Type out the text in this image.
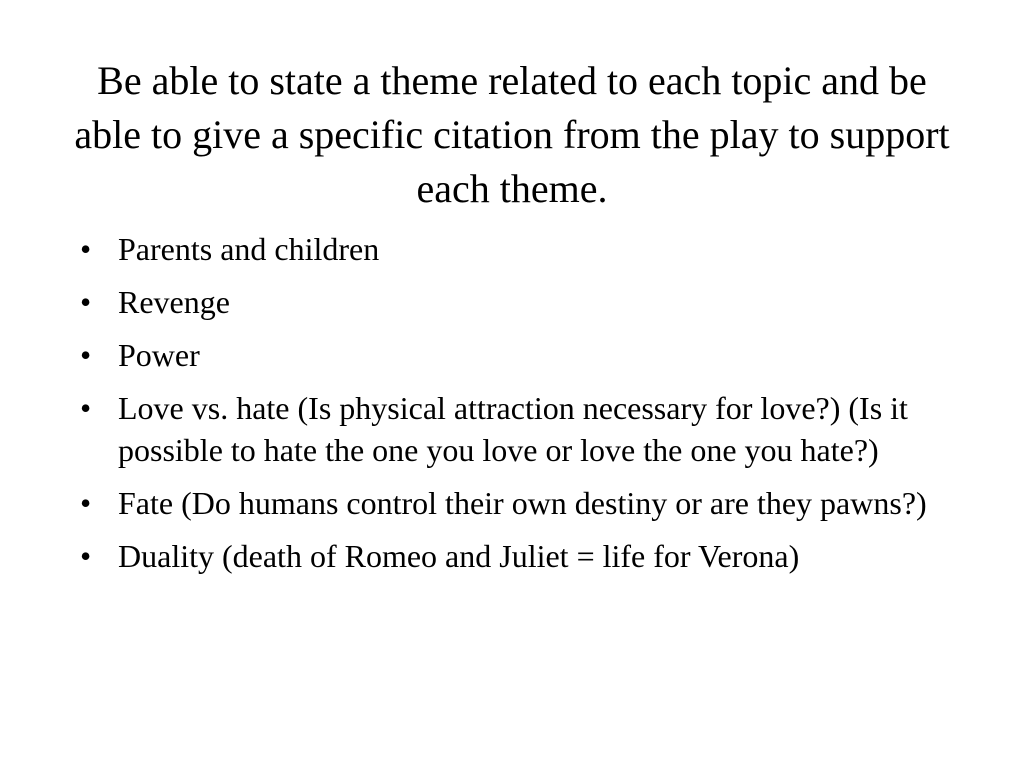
Be able to state a theme related to each topic and be able to give a specific citation from the play to support each theme.
• Parents and children
• Revenge
• Power
• Love vs. hate (Is physical attraction necessary for love?) (Is it possible to hate the one you love or love the one you hate?)
• Fate (Do humans control their own destiny or are they pawns?)
• Duality (death of Romeo and Juliet = life for Verona)
